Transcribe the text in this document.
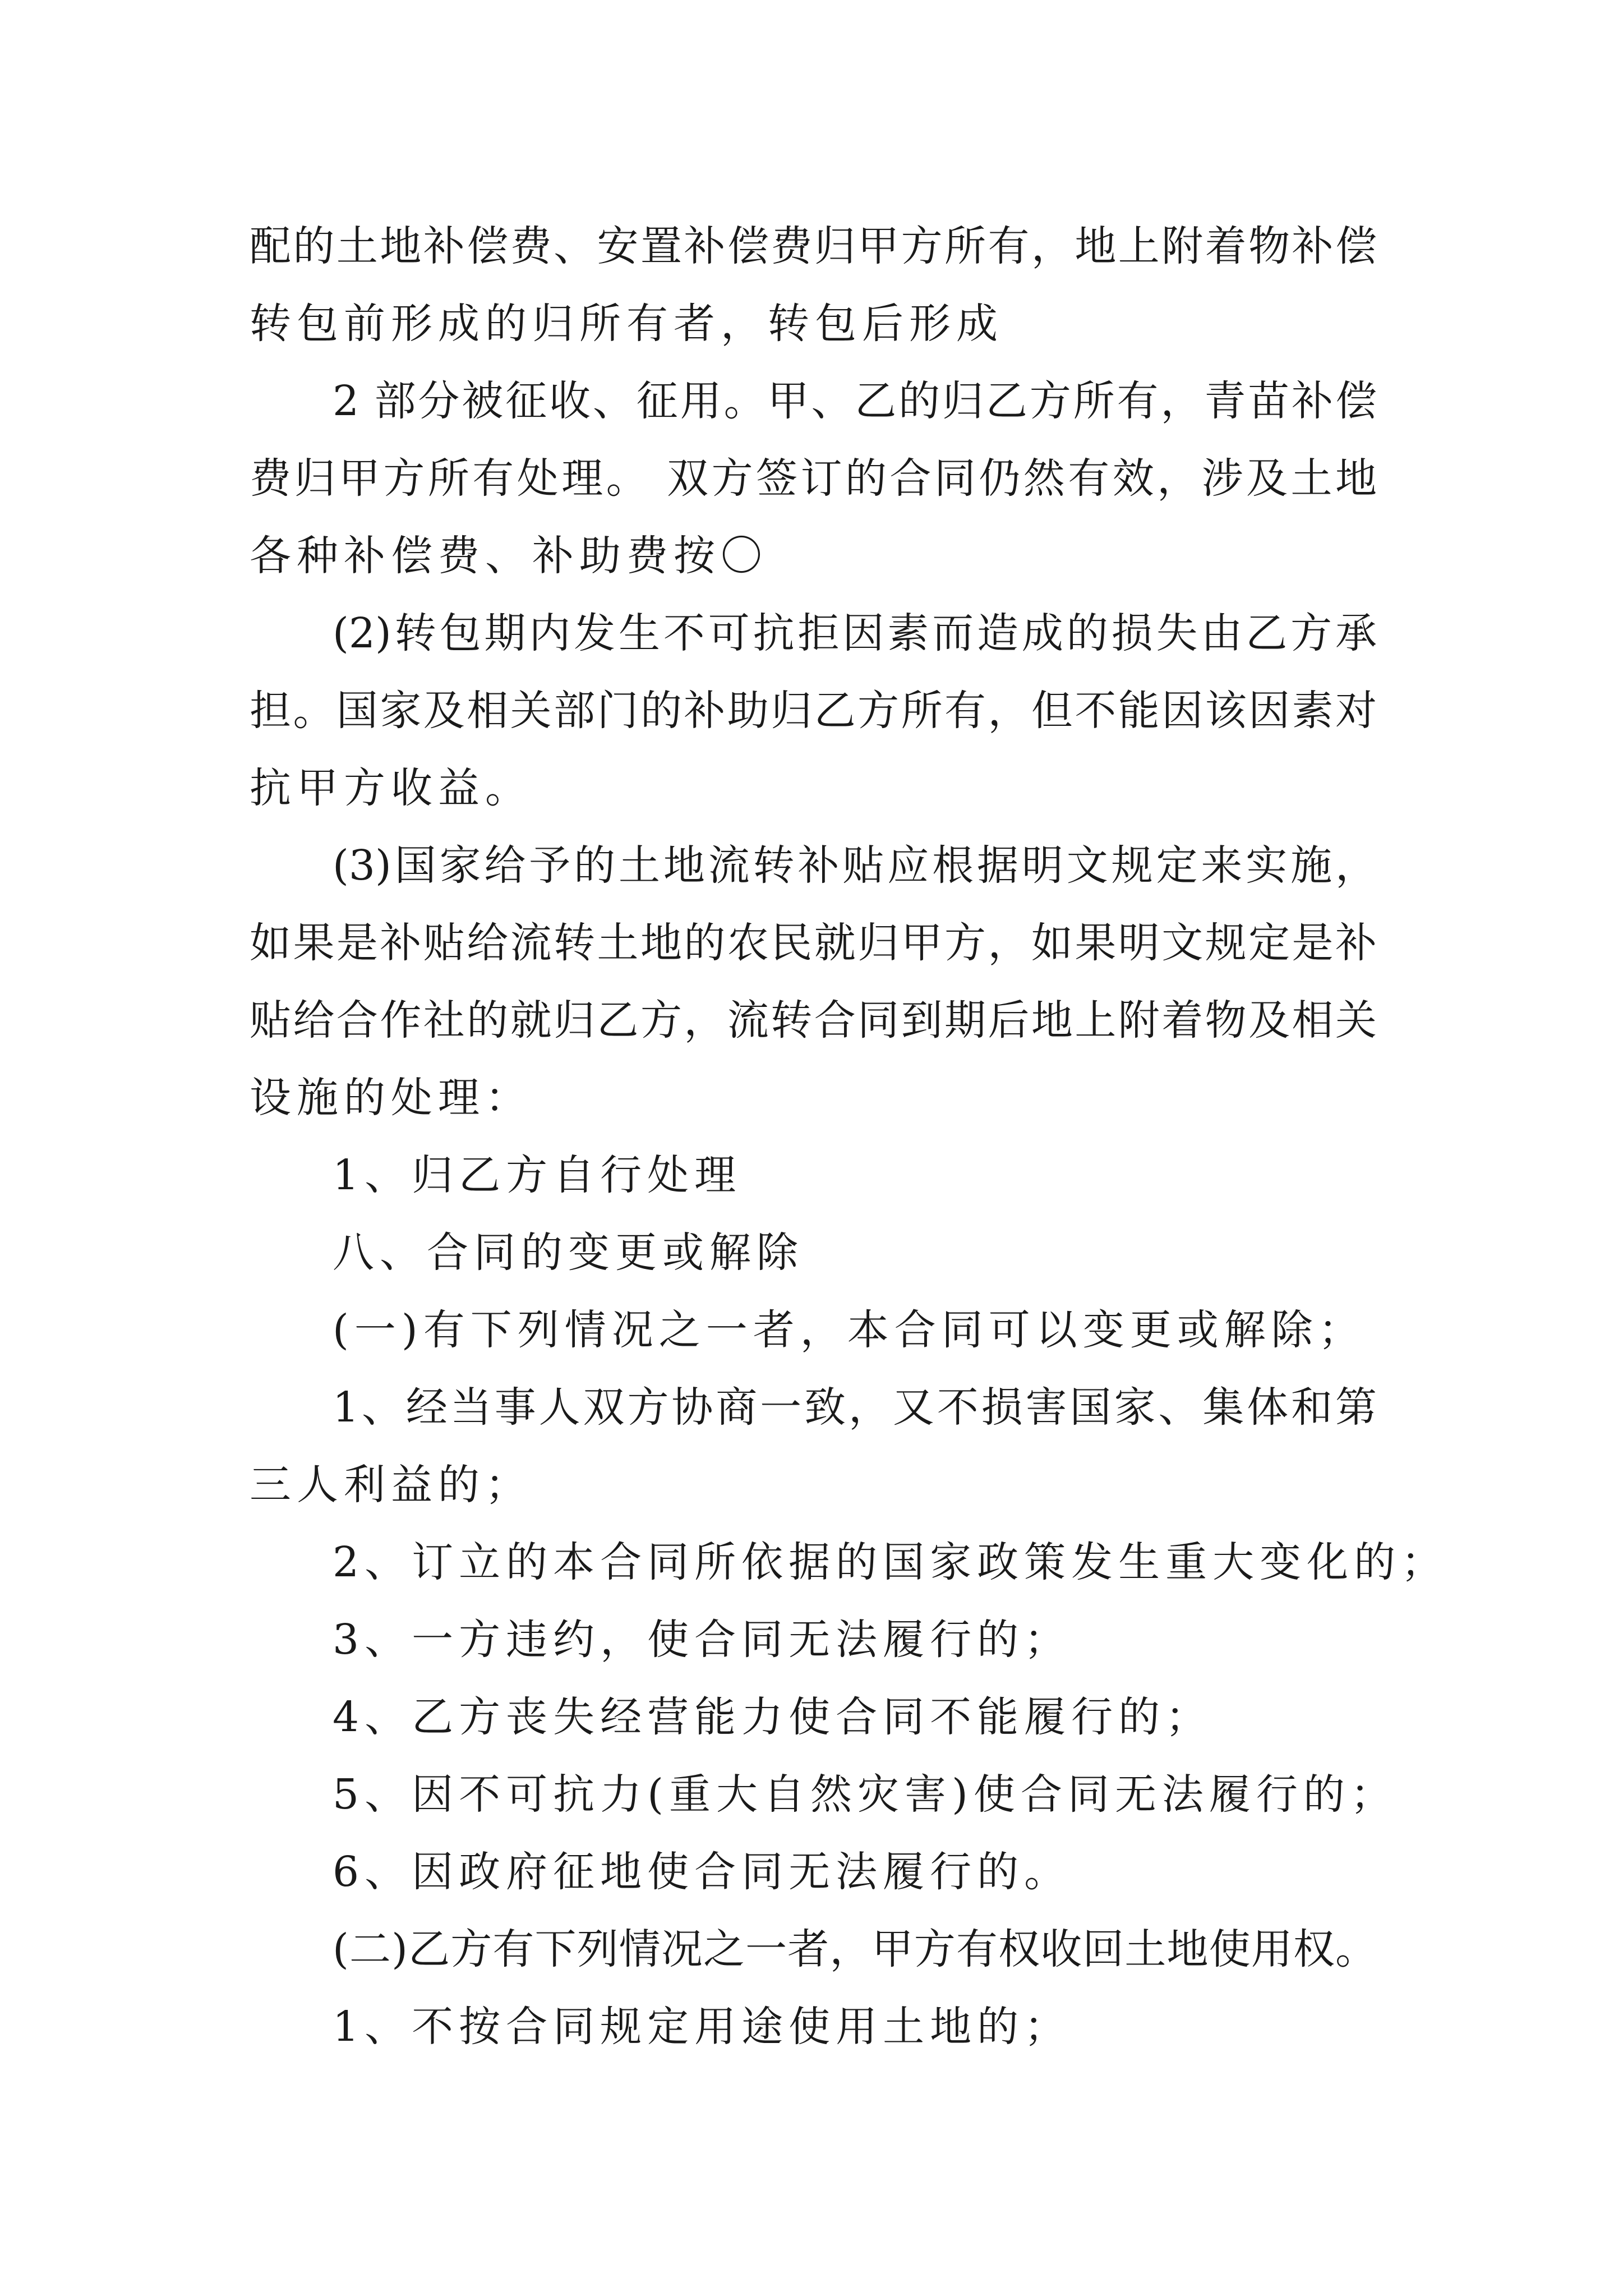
配的土地补偿费、安置补偿费归甲方所有，地上附着物补偿
转包前形成的归所有者，转包后形成
2 部分被征收、征用。甲、乙的归乙方所有，青苗补偿
费归甲方所有处理。 双方签订的合同仍然有效，涉及土地
各种补偿费、补助费按〇
(2)转包期内发生不可抗拒因素而造成的损失由乙方承
担。国家及相关部门的补助归乙方所有，但不能因该因素对
抗甲方收益。
(3)国家给予的土地流转补贴应根据明文规定来实施，
如果是补贴给流转土地的农民就归甲方，如果明文规定是补
贴给合作社的就归乙方，流转合同到期后地上附着物及相关
设施的处理：
1、归乙方自行处理
八、合同的变更或解除
(一)有下列情况之一者，本合同可以变更或解除；
1、经当事人双方协商一致，又不损害国家、集体和第
三人利益的；
2、订立的本合同所依据的国家政策发生重大变化的；
3、一方违约，使合同无法履行的；
4、乙方丧失经营能力使合同不能履行的；
5、因不可抗力(重大自然灾害)使合同无法履行的；
6、因政府征地使合同无法履行的。
(二)乙方有下列情况之一者，甲方有权收回土地使用权。
1、不按合同规定用途使用土地的；
